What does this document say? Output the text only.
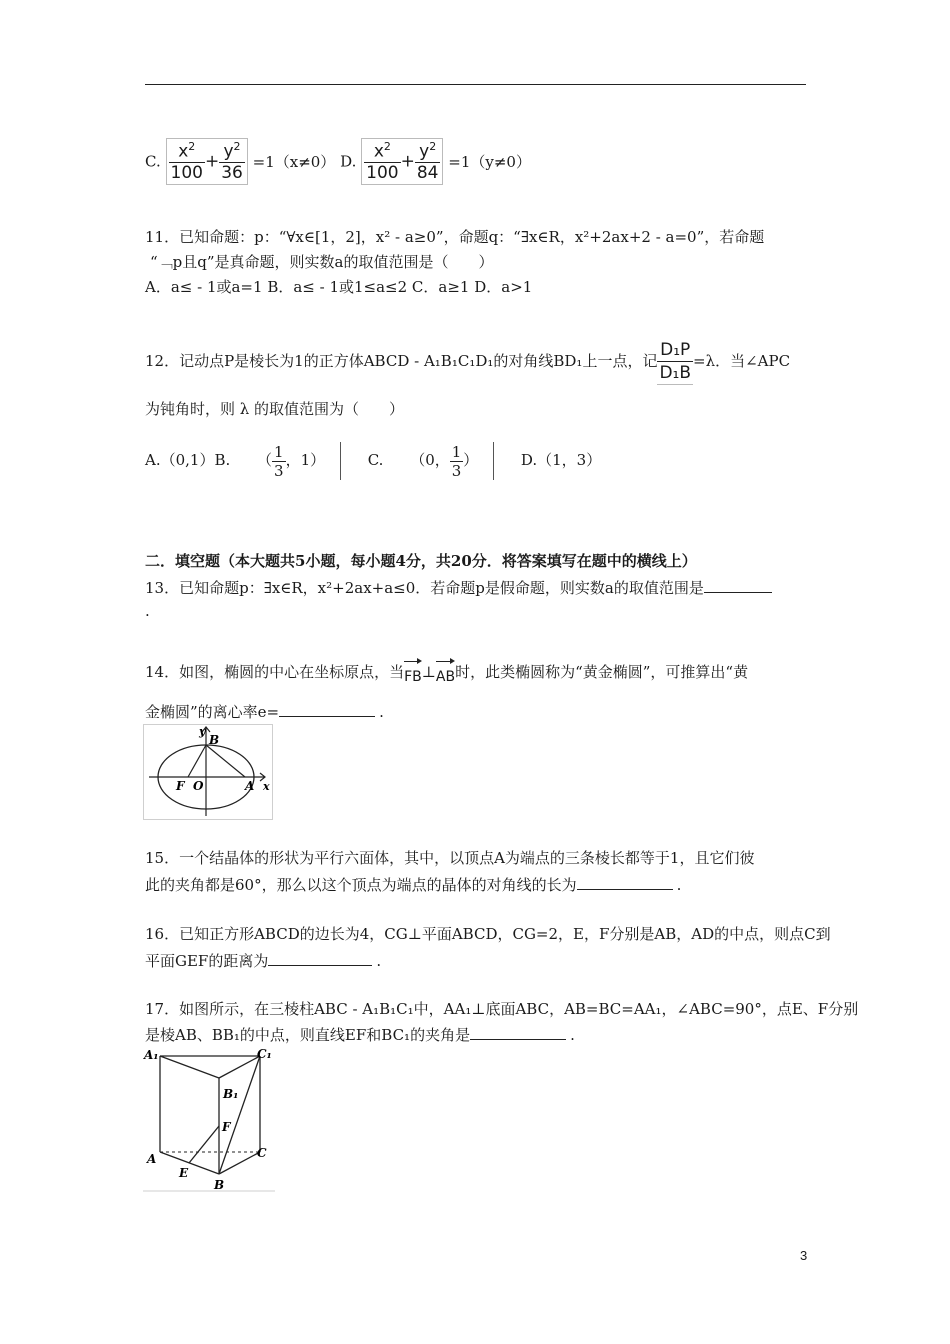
C. $\frac{x^2}{100} + \frac{y^2}{36} =1(x\ne 0)$ D. $\frac{x^2}{100} + \frac{y^2}{84} =1(y\ne 0)$
11．已知命题：p：“∀x∈[1，2]，x² - a≥0”，命题q：“∃x∈R，x²+2ax+2 - a=0”，若命题
“﹁p且q”是真命题，则实数a的取值范围是（　　）
A．a≤ - 1或a=1 B．a≤ - 1或1≤a≤2 C．a≥1 D．a>1
12．记动点P是棱长为1的正方体ABCD - A₁B₁C₁D₁的对角线BD₁上一点，记 $\frac{\text{D₁P}}{\text{D₁B}} =\lambda$．当∠APC
为钝角时，则 λ 的取值范围为（　　）
A.（0,1）B. （ $\frac{1}{3}$ ，1）	C. （0， $\frac{1}{3}$ ）	D.（1，3）
二．填空题（本大题共5小题，每小题4分，共20分．将答案填写在题中的横线上）
13．已知命题p：∃x∈R，x²+2ax+a≤0．若命题p是假命题，则实数a的取值范围是
.
14．如图，椭圆的中心在坐标原点，当FB⊥AB时，此类椭圆称为“黄金椭圆”，可推算出“黄
金椭圆”的离心率e=	.
y
B
F O	A x
15．一个结晶体的形状为平行六面体，其中，以顶点A为端点的三条棱长都等于1，且它们彼
此的夹角都是60°，那么以这个顶点为端点的晶体的对角线的长为	.
16．已知正方形ABCD的边长为4，CG⊥平面ABCD，CG=2，E，F分别是AB，AD的中点，则点C到
平面GEF的距离为	.
17．如图所示，在三棱柱ABC - A₁B₁C₁中，AA₁⊥底面ABC，AB=BC=AA₁，∠ABC=90°，点E、F分别
是棱AB、BB₁的中点，则直线EF和BC₁的夹角是	.
A₁	C₁
B₁
F
A	C
E
B
3
